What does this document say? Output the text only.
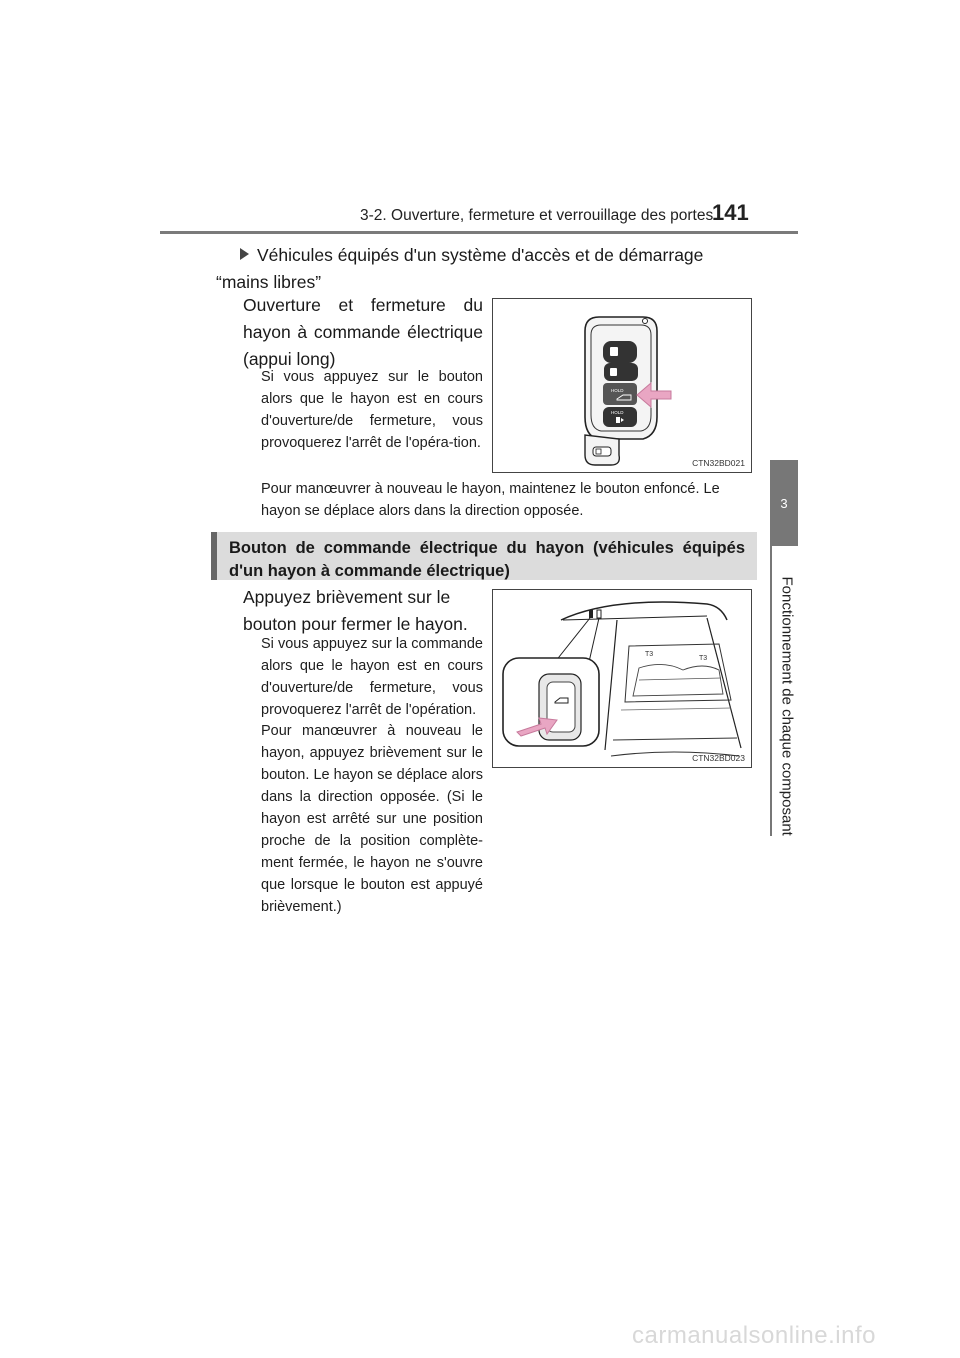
3-2. Ouverture, fermeture et verrouillage des portes
141
3
Fonctionnement de chaque composant
Véhicules équipés d'un système d'accès et de démarrage “mains libres”
Ouverture et fermeture du hayon à commande électrique (appui long)
Si vous appuyez sur le bouton alors que le hayon est en cours d'ouverture/de fermeture, vous provoquerez l'arrêt de l'opéra-tion.
Pour manœuvrer à nouveau le hayon, maintenez le bouton enfoncé. Le hayon se déplace alors dans la direction opposée.
HOLD
HOLD
CTN32BD021
Bouton de commande électrique du hayon (véhicules équipés d'un hayon à commande électrique)
Appuyez brièvement sur le bouton pour fermer le hayon.
Si vous appuyez sur la commande alors que le hayon est en cours d'ouverture/de fermeture, vous provoquerez l'arrêt de l'opération.
Pour manœuvrer à nouveau le hayon, appuyez brièvement sur le bouton. Le hayon se déplace alors dans la direction opposée. (Si le hayon est arrêté sur une position proche de la position complète-ment fermée, le hayon ne s'ouvre que lorsque le bouton est appuyé brièvement.)
T3
T3
CTN32BD023
carmanualsonline.info
